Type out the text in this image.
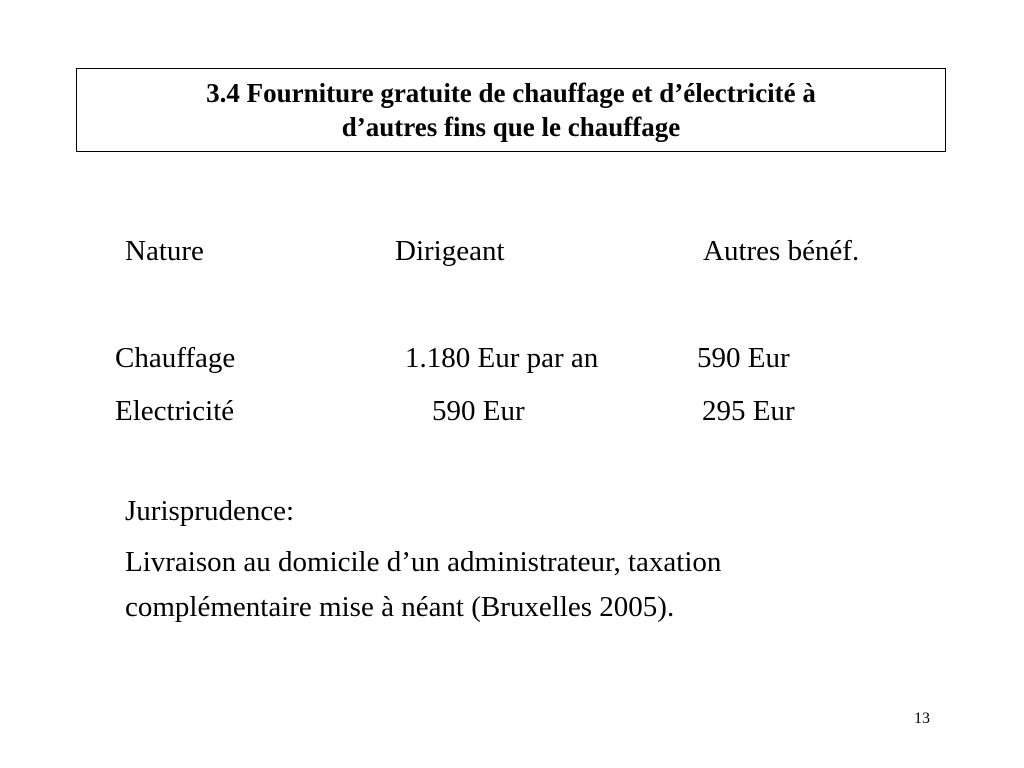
3.4 Fourniture gratuite de chauffage et d’électricité à
d’autres fins que le chauffage
Nature	Dirigeant	Autres bénéf.
Chauffage	1.180 Eur par an	590 Eur
Electricité	590 Eur	295 Eur
Jurisprudence:
Livraison au domicile d’un administrateur, taxation
complémentaire mise à néant (Bruxelles 2005).
13
